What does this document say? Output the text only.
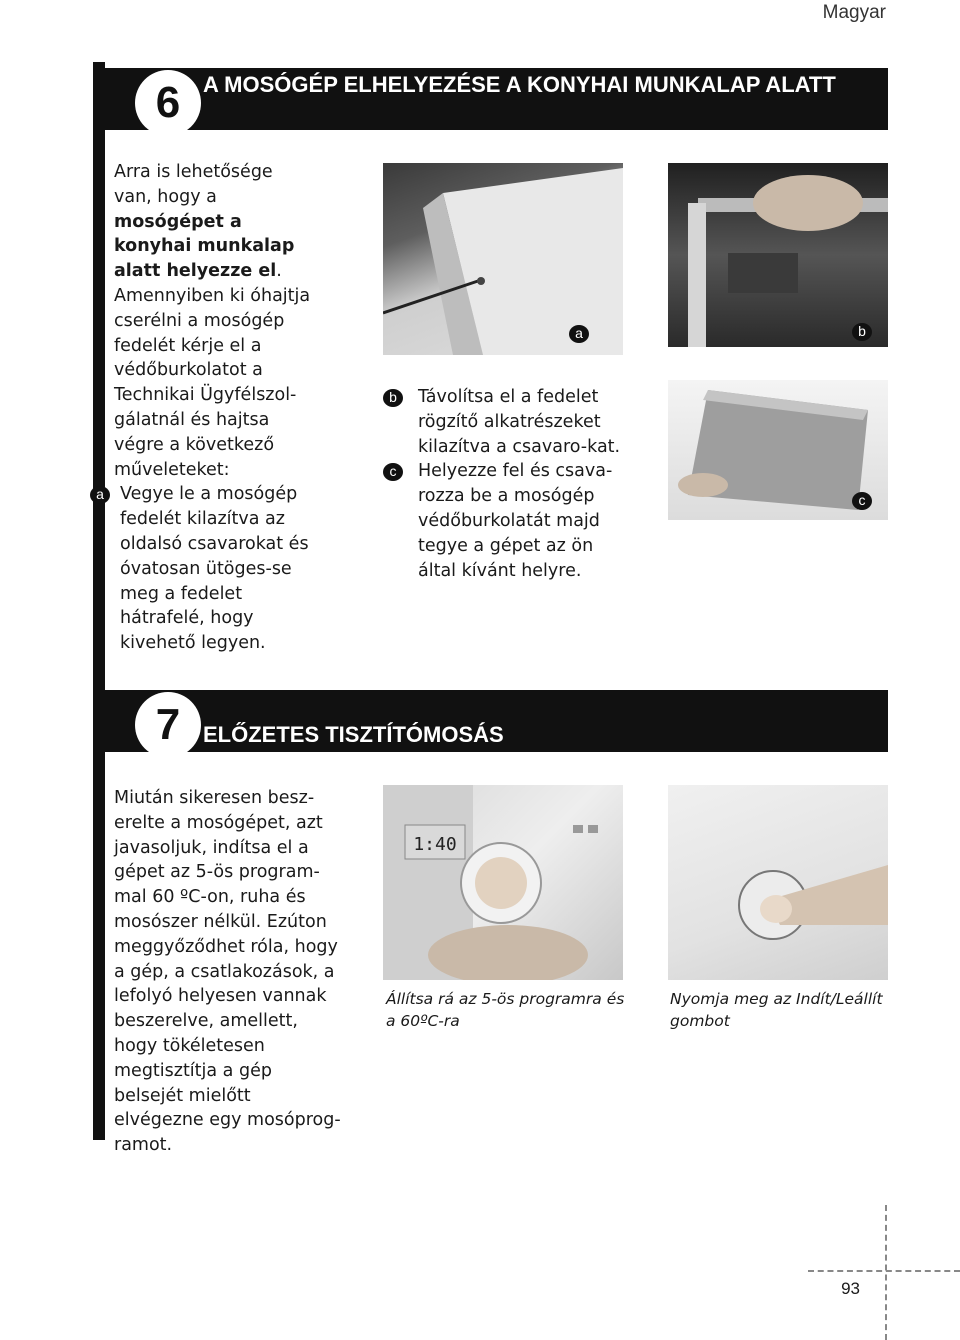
Magyar
6	A MOSÓGÉP ELHELYEZÉSE A KONYHAI MUNKALAP ALATT
Arra is lehetősége van, hogy a mosógépet a konyhai munkalap alatt helyezze el. Amennyiben ki óhajtja cserélni a mosógép fedelét kérje el a védőburkolatot a Technikai Ügyfélszol-gálatnál és hajtsa végre a következő műveleteket:
a Vegye le a mosógép fedelét kilazítva az oldalsó csavarokat és óvatosan ütöges-se meg a fedelet hátrafelé, hogy kivehető legyen.
a	b
c
b	Távolítsa el a fedelet rögzítő alkatrészeket kilazítva a csavaro-kat.
c	Helyezze fel és csava-rozza be a mosógép védőburkolatát majd tegye a gépet az ön által kívánt helyre.
7	ELŐZETES TISZTÍTÓMOSÁS
Miután sikeresen besz-erelte a mosógépet, azt javasoljuk, indítsa el a gépet az 5-ös program-mal 60 ºC-on, ruha és mosószer nélkül. Ezúton meggyőződhet róla, hogy a gép, a csatlakozások, a lefolyó helyesen vannak beszerelve, amellett, hogy tökéletesen megtisztítja a gép belsejét mielőtt elvégezne egy mosóprog-ramot.
1:40
Állítsa rá az 5-ös programra és a 60ºC-ra
Nyomja meg az Indít/Leállít gombot
93
